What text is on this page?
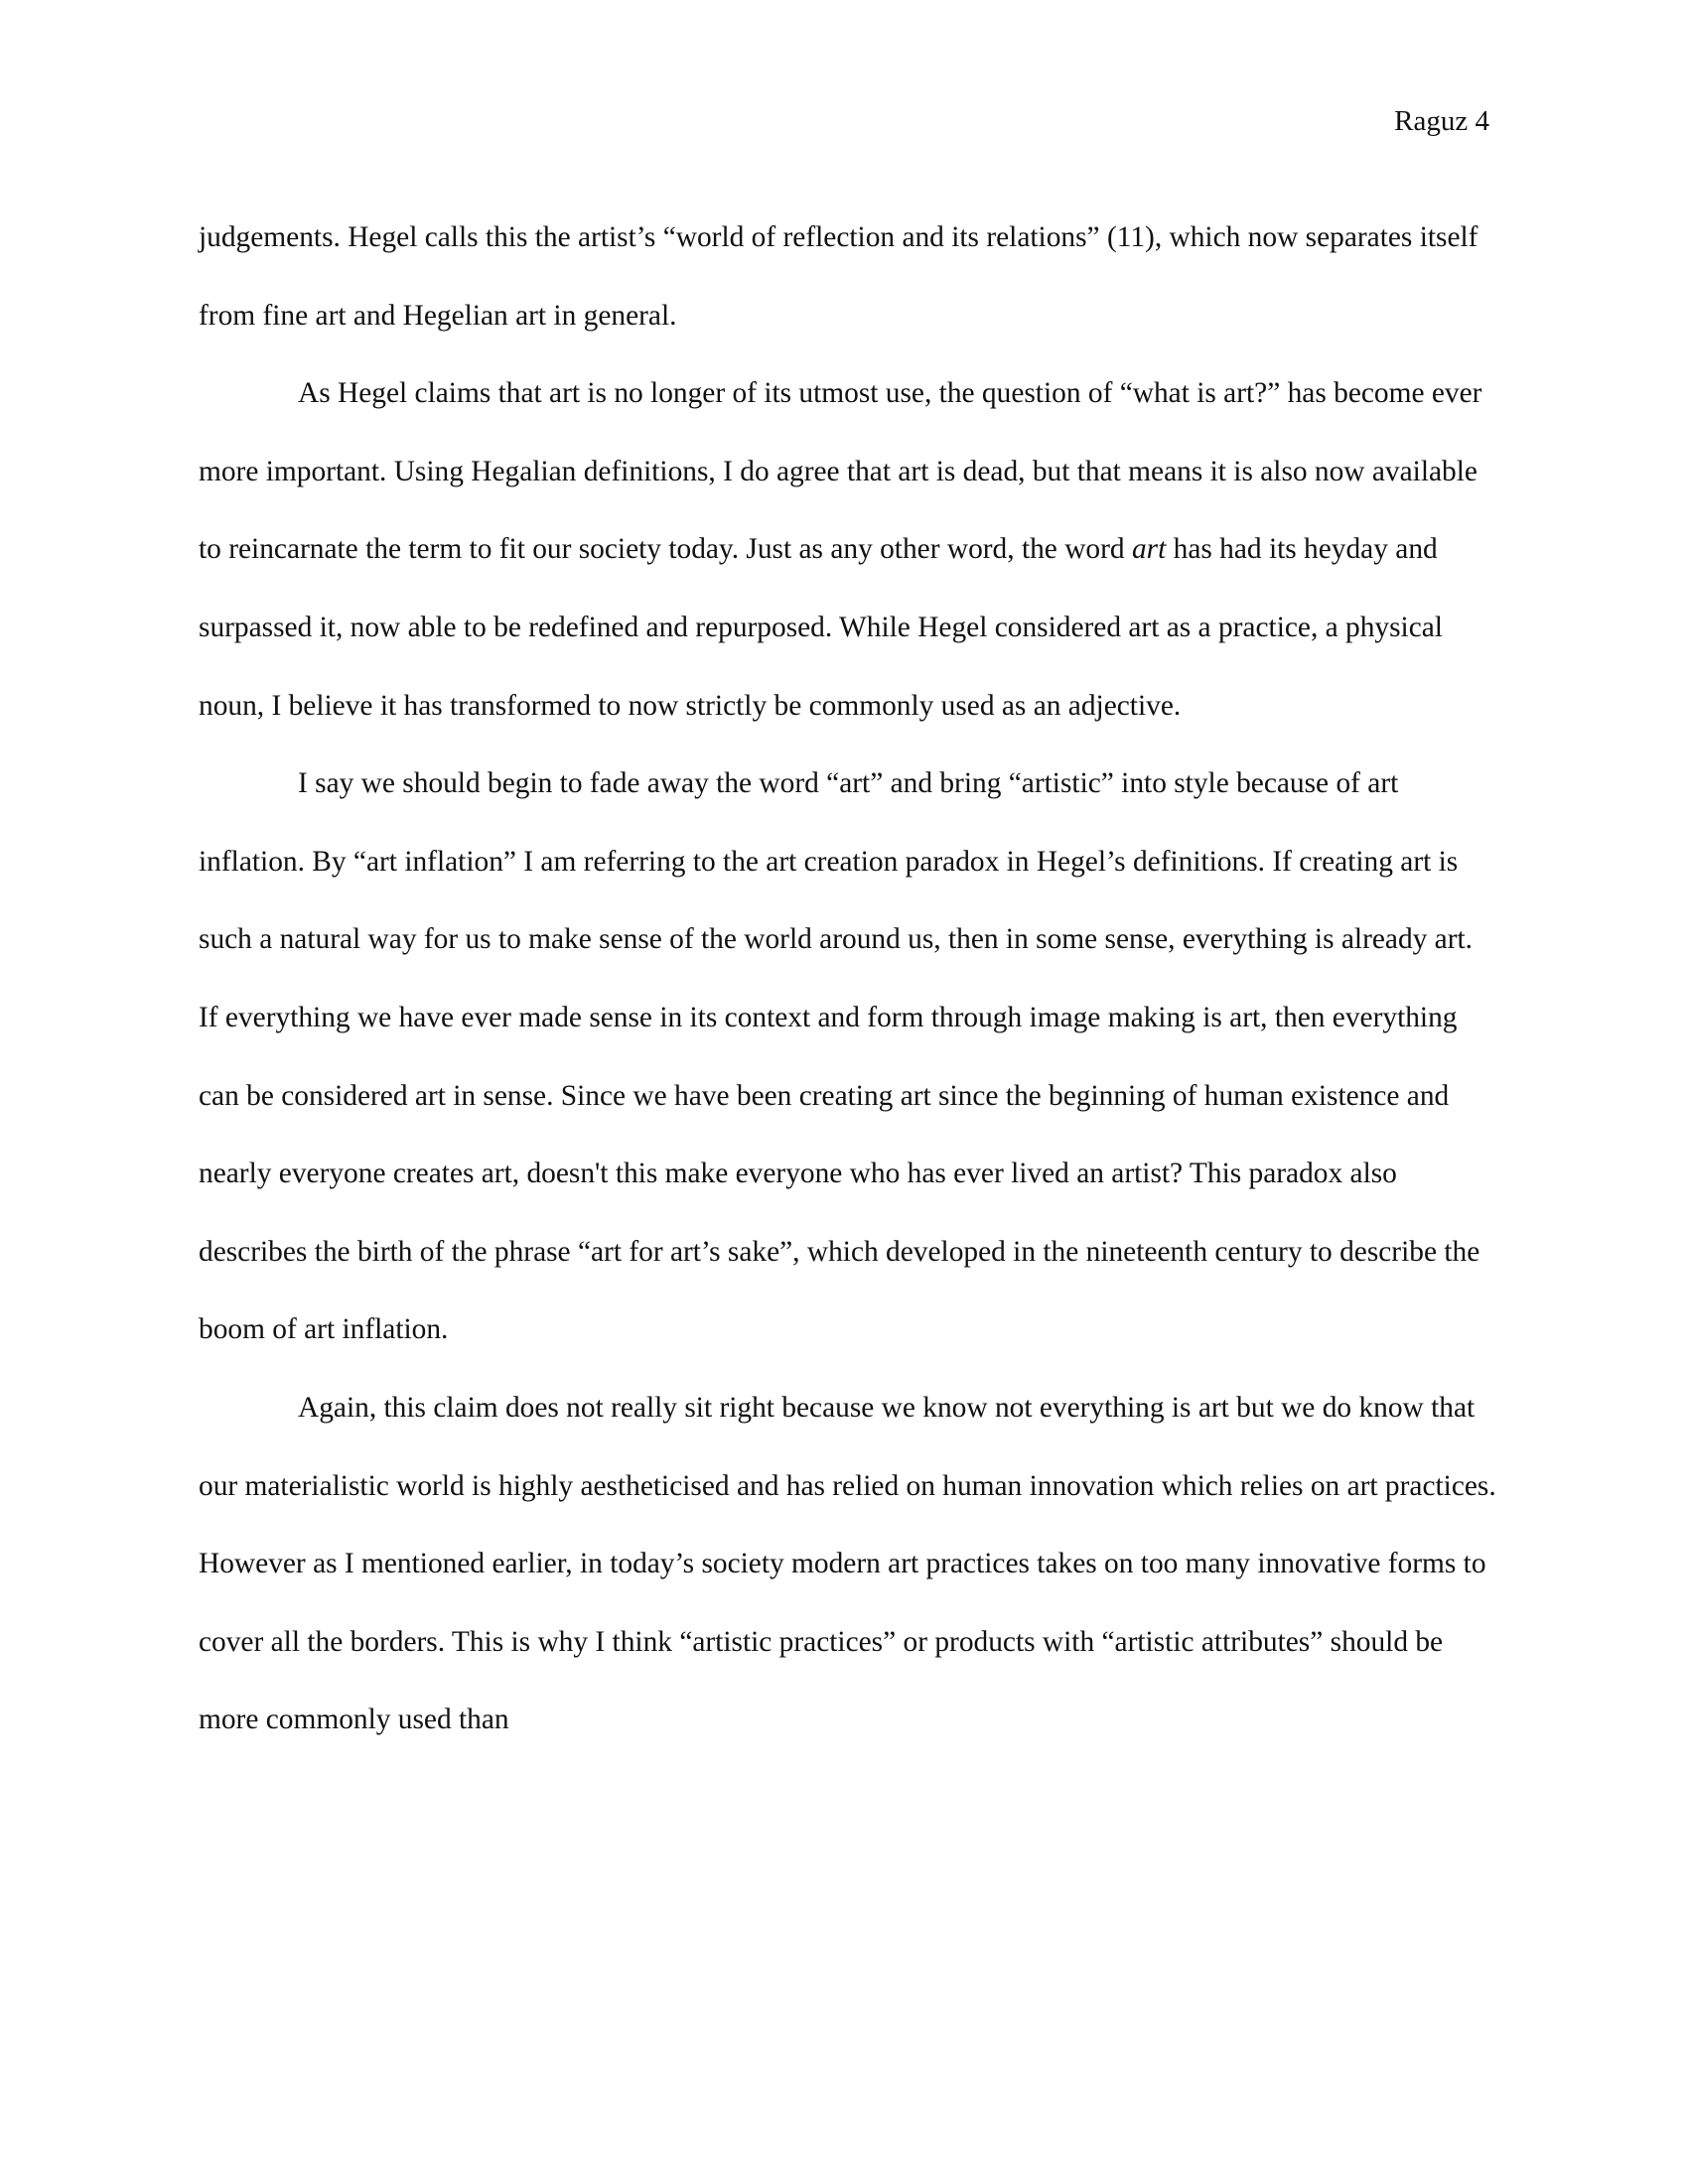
Raguz 4

judgements. Hegel calls this the artist’s “world of reflection and its relations” (11), which now separates itself from fine art and Hegelian art in general.

As Hegel claims that art is no longer of its utmost use, the question of “what is art?” has become ever more important. Using Hegalian definitions, I do agree that art is dead, but that means it is also now available to reincarnate the term to fit our society today. Just as any other word, the word art has had its heyday and surpassed it, now able to be redefined and repurposed. While Hegel considered art as a practice, a physical noun, I believe it has transformed to now strictly be commonly used as an adjective.

I say we should begin to fade away the word “art” and bring “artistic” into style because of art inflation. By “art inflation” I am referring to the art creation paradox in Hegel’s definitions. If creating art is such a natural way for us to make sense of the world around us, then in some sense, everything is already art. If everything we have ever made sense in its context and form through image making is art, then everything can be considered art in sense. Since we have been creating art since the beginning of human existence and nearly everyone creates art, doesn't this make everyone who has ever lived an artist? This paradox also describes the birth of the phrase “art for art’s sake”, which developed in the nineteenth century to describe the boom of art inflation.

Again, this claim does not really sit right because we know not everything is art but we do know that our materialistic world is highly aestheticised and has relied on human innovation which relies on art practices. However as I mentioned earlier, in today’s society modern art practices takes on too many innovative forms to cover all the borders. This is why I think “artistic practices” or products with “artistic attributes” should be more commonly used than
